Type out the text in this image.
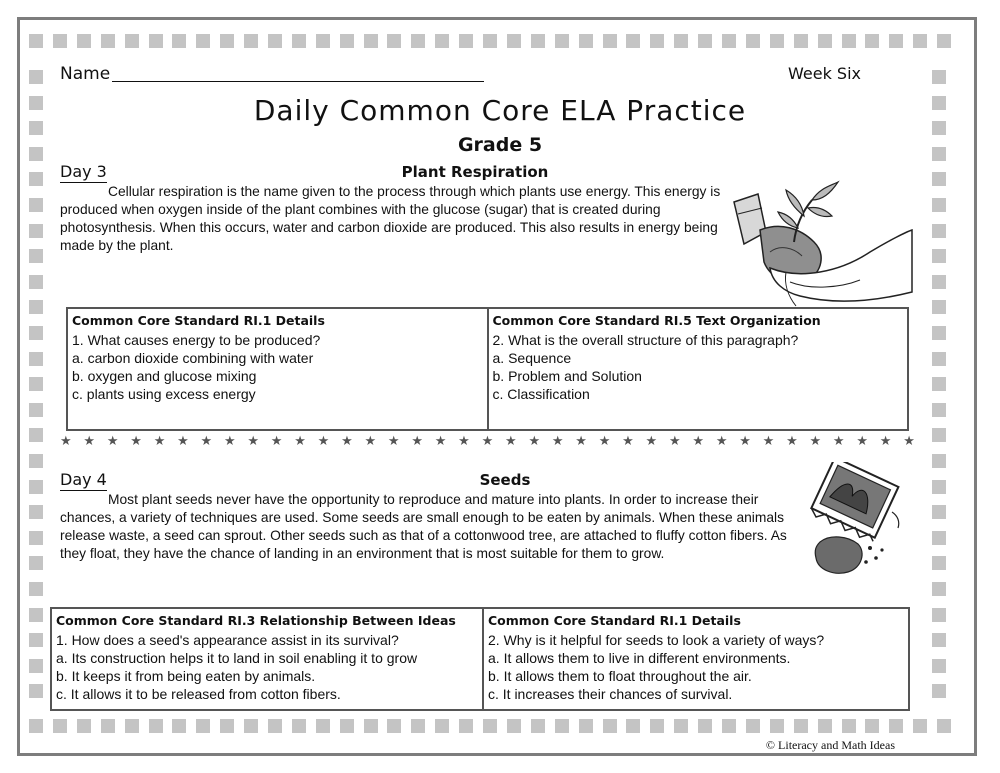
Name	Week Six
Daily Common Core ELA Practice
Grade 5
Day 3	Plant Respiration
Cellular respiration is the name given to the process through which plants use energy. This energy is produced when oxygen inside of the plant combines with the glucose (sugar) that is created during photosynthesis. When this occurs, water and carbon dioxide are produced. This also results in energy being made by the plant.
Common Core Standard RI.1 Details
1. What causes energy to be produced?
a. carbon dioxide combining with water
b. oxygen and glucose mixing
c. plants using excess energy
Common Core Standard RI.5 Text Organization
2. What is the overall structure of this paragraph?
a. Sequence
b. Problem and Solution
c. Classification
★ ★ ★ ★ ★ ★ ★ ★ ★ ★ ★ ★ ★ ★ ★ ★ ★ ★ ★ ★ ★ ★ ★ ★ ★ ★ ★ ★ ★ ★ ★ ★ ★ ★ ★ ★ ★
Day 4	Seeds
Most plant seeds never have the opportunity to reproduce and mature into plants. In order to increase their chances, a variety of techniques are used. Some seeds are small enough to be eaten by animals. When these animals release waste, a seed can sprout. Other seeds such as that of a cottonwood tree, are attached to fluffy cotton fibers. As they float, they have the chance of landing in an environment that is most suitable for them to grow.
Common Core Standard RI.3 Relationship Between Ideas
1. How does a seed's appearance assist in its survival?
a. Its construction helps it to land in soil enabling it to grow
b. It keeps it from being eaten by animals.
c. It allows it to be released from cotton fibers.
Common Core Standard RI.1 Details
2. Why is it helpful for seeds to look a variety of ways?
a. It allows them to live in different environments.
b. It allows them to float throughout the air.
c. It increases their chances of survival.
© Literacy and Math Ideas
